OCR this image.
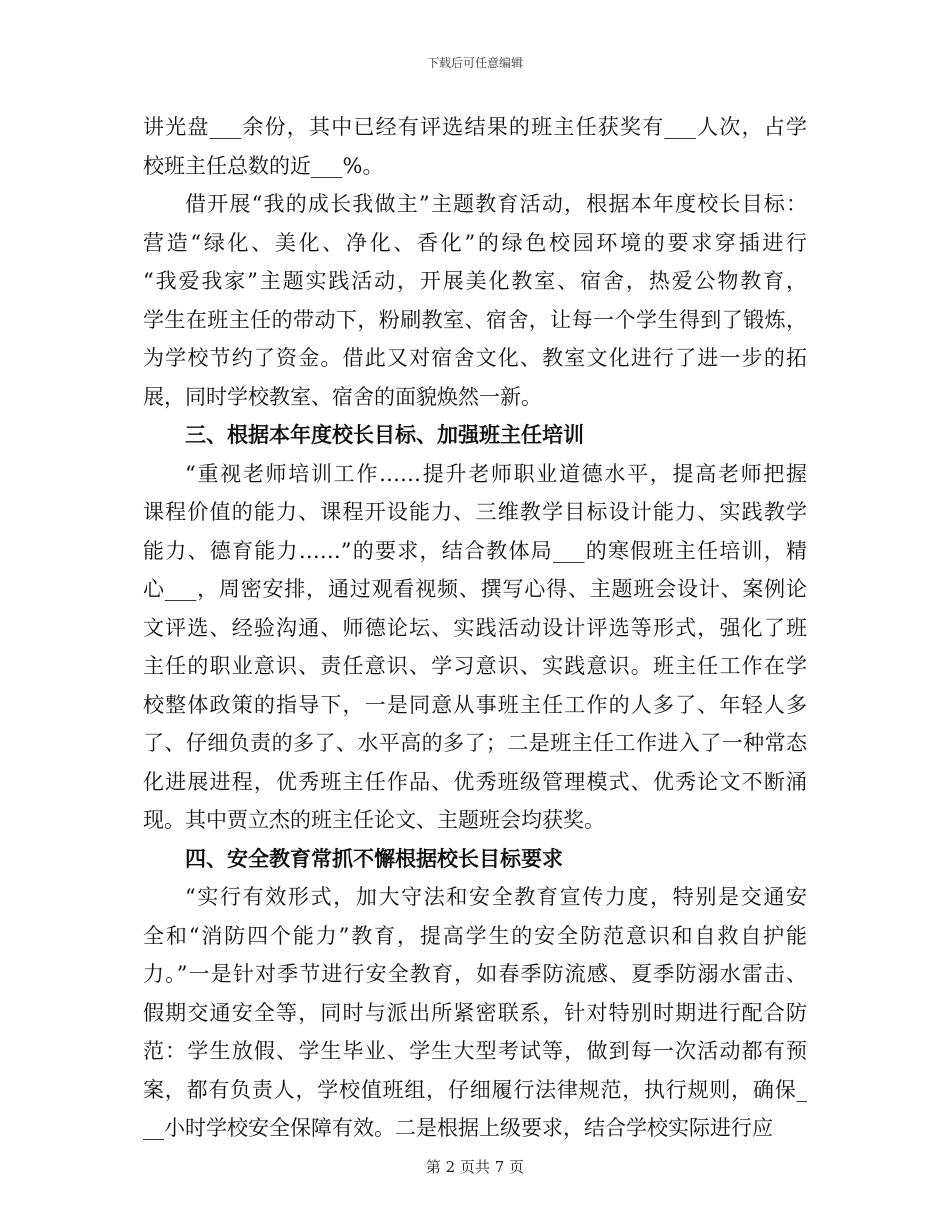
下载后可任意编辑
讲光盘___余份，其中已经有评选结果的班主任获奖有___人次，占学
校班主任总数的近___%。
借开展“我的成长我做主”主题教育活动，根据本年度校长目标：
营造“绿化、美化、净化、香化”的绿色校园环境的要求穿插进行
“我爱我家”主题实践活动，开展美化教室、宿舍，热爱公物教育，
学生在班主任的带动下，粉刷教室、宿舍，让每一个学生得到了锻炼，
为学校节约了资金。借此又对宿舍文化、教室文化进行了进一步的拓
展，同时学校教室、宿舍的面貌焕然一新。
三、根据本年度校长目标、加强班主任培训
“重视老师培训工作……提升老师职业道德水平，提高老师把握
课程价值的能力、课程开设能力、三维教学目标设计能力、实践教学
能力、德育能力……”的要求，结合教体局___的寒假班主任培训，精
心___，周密安排，通过观看视频、撰写心得、主题班会设计、案例论
文评选、经验沟通、师德论坛、实践活动设计评选等形式，强化了班
主任的职业意识、责任意识、学习意识、实践意识。班主任工作在学
校整体政策的指导下，一是同意从事班主任工作的人多了、年轻人多
了、仔细负责的多了、水平高的多了；二是班主任工作进入了一种常态
化进展进程，优秀班主任作品、优秀班级管理模式、优秀论文不断涌
现。其中贾立杰的班主任论文、主题班会均获奖。
四、安全教育常抓不懈根据校长目标要求
“实行有效形式，加大守法和安全教育宣传力度，特别是交通安
全和“消防四个能力”教育，提高学生的安全防范意识和自救自护能
力。”一是针对季节进行安全教育，如春季防流感、夏季防溺水雷击、
假期交通安全等，同时与派出所紧密联系，针对特别时期进行配合防
范：学生放假、学生毕业、学生大型考试等，做到每一次活动都有预
案，都有负责人，学校值班组，仔细履行法律规范，执行规则，确保_
__小时学校安全保障有效。二是根据上级要求，结合学校实际进行应
第 2 页共 7 页
